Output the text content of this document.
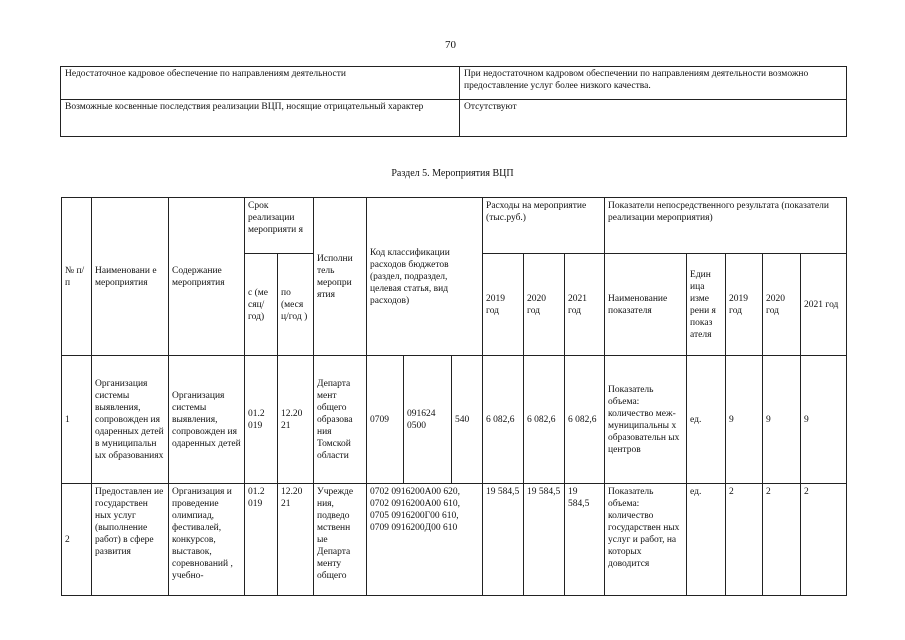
70
Недостаточное кадровое обеспечение по направлениям деятельности	При недостаточном кадровом обеспечении по направлениям деятельности возможно предоставление услуг более низкого качества.
Возможные косвенные последствия реализации ВЦП, носящие отрицательный характер	Отсутствуют
Раздел 5. Мероприятия ВЦП
№ п/п	Наименовани е мероприятия	Содержание мероприятия	Срок реализации мероприяти я		Исполни тель меропри ятия	Код классификации расходов бюджетов (раздел, подраздел, целевая статья, вид расходов)			Расходы на мероприятие (тыс.руб.)			Показатели непосредственного результата (показатели реализации мероприятия)				
			с (ме сяц/ год)	по (меся ц/год )					2019 год	2020 год	2021 год	Наименование показателя	Един ица изме рени я показ ателя	2019 год	2020 год	2021 год
1	Организация системы выявления, сопровожден ия одаренных детей в муниципальн ых образованиях	Организация системы выявления, сопровожден ия одаренных детей	01.2 019	12.20 21	Департа мент общего образова ния Томской области	0709	091624 0500	540	6 082,6	6 082,6	6 082,6	Показатель объема: количество меж-муниципальны х образовательн ых центров	ед.	9	9	9
2	Предоставлен ие государствен ных услуг (выполнение работ) в сфере развития	Организация и проведение олимпиад, фестивалей, конкурсов, выставок, соревнований , учебно-	01.2 019	12.20 21	Учрежде ния, подведо мственн ые Департа менту общего	0702 0916200А00 620, 0702 0916200А00 610, 0705 0916200Г00 610, 0709 0916200Д00 610			19 584,5	19 584,5	19 584,5	Показатель объема: количество государствен ных услуг и работ, на которых доводится	ед.	2	2	2
